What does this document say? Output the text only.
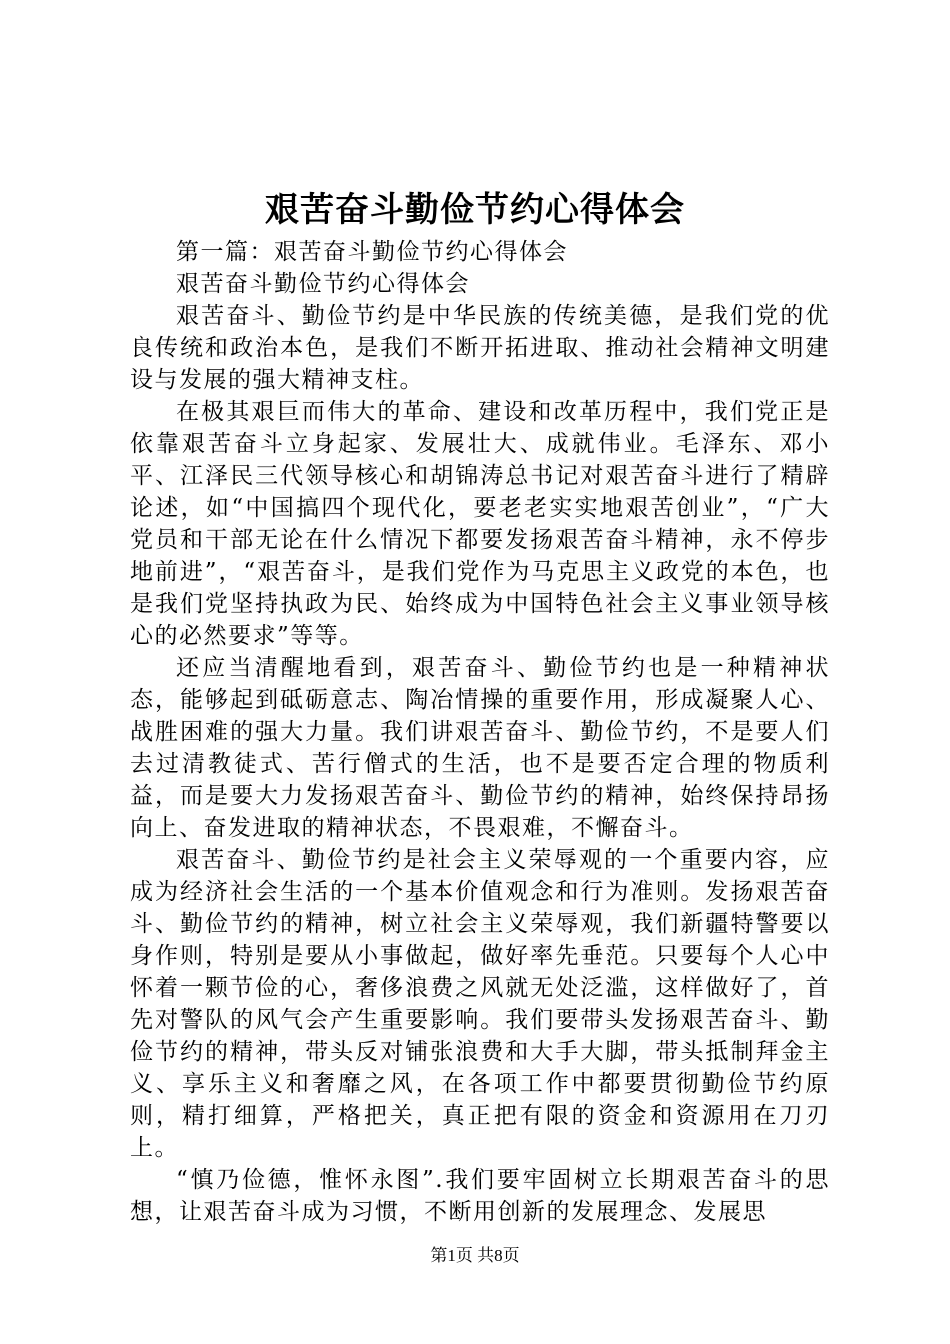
艰苦奋斗勤俭节约心得体会

第一篇：艰苦奋斗勤俭节约心得体会

艰苦奋斗勤俭节约心得体会

艰苦奋斗、勤俭节约是中华民族的传统美德，是我们党的优良传统和政治本色，是我们不断开拓进取、推动社会精神文明建设与发展的强大精神支柱。

在极其艰巨而伟大的革命、建设和改革历程中，我们党正是依靠艰苦奋斗立身起家、发展壮大、成就伟业。毛泽东、邓小平、江泽民三代领导核心和胡锦涛总书记对艰苦奋斗进行了精辟论述，如“中国搞四个现代化，要老老实实地艰苦创业”，“广大党员和干部无论在什么情况下都要发扬艰苦奋斗精神，永不停步地前进”，“艰苦奋斗，是我们党作为马克思主义政党的本色，也是我们党坚持执政为民、始终成为中国特色社会主义事业领导核心的必然要求”等等。

还应当清醒地看到，艰苦奋斗、勤俭节约也是一种精神状态，能够起到砥砺意志、陶冶情操的重要作用，形成凝聚人心、战胜困难的强大力量。我们讲艰苦奋斗、勤俭节约，不是要人们去过清教徒式、苦行僧式的生活，也不是要否定合理的物质利益，而是要大力发扬艰苦奋斗、勤俭节约的精神，始终保持昂扬向上、奋发进取的精神状态，不畏艰难，不懈奋斗。

艰苦奋斗、勤俭节约是社会主义荣辱观的一个重要内容，应成为经济社会生活的一个基本价值观念和行为准则。发扬艰苦奋斗、勤俭节约的精神，树立社会主义荣辱观，我们新疆特警要以身作则，特别是要从小事做起，做好率先垂范。只要每个人心中怀着一颗节俭的心，奢侈浪费之风就无处泛滥，这样做好了，首先对警队的风气会产生重要影响。我们要带头发扬艰苦奋斗、勤俭节约的精神，带头反对铺张浪费和大手大脚，带头抵制拜金主义、享乐主义和奢靡之风，在各项工作中都要贯彻勤俭节约原则，精打细算，严格把关，真正把有限的资金和资源用在刀刃上。

“慎乃俭德，惟怀永图”.我们要牢固树立长期艰苦奋斗的思想，让艰苦奋斗成为习惯，不断用创新的发展理念、发展思

第1页 共8页
